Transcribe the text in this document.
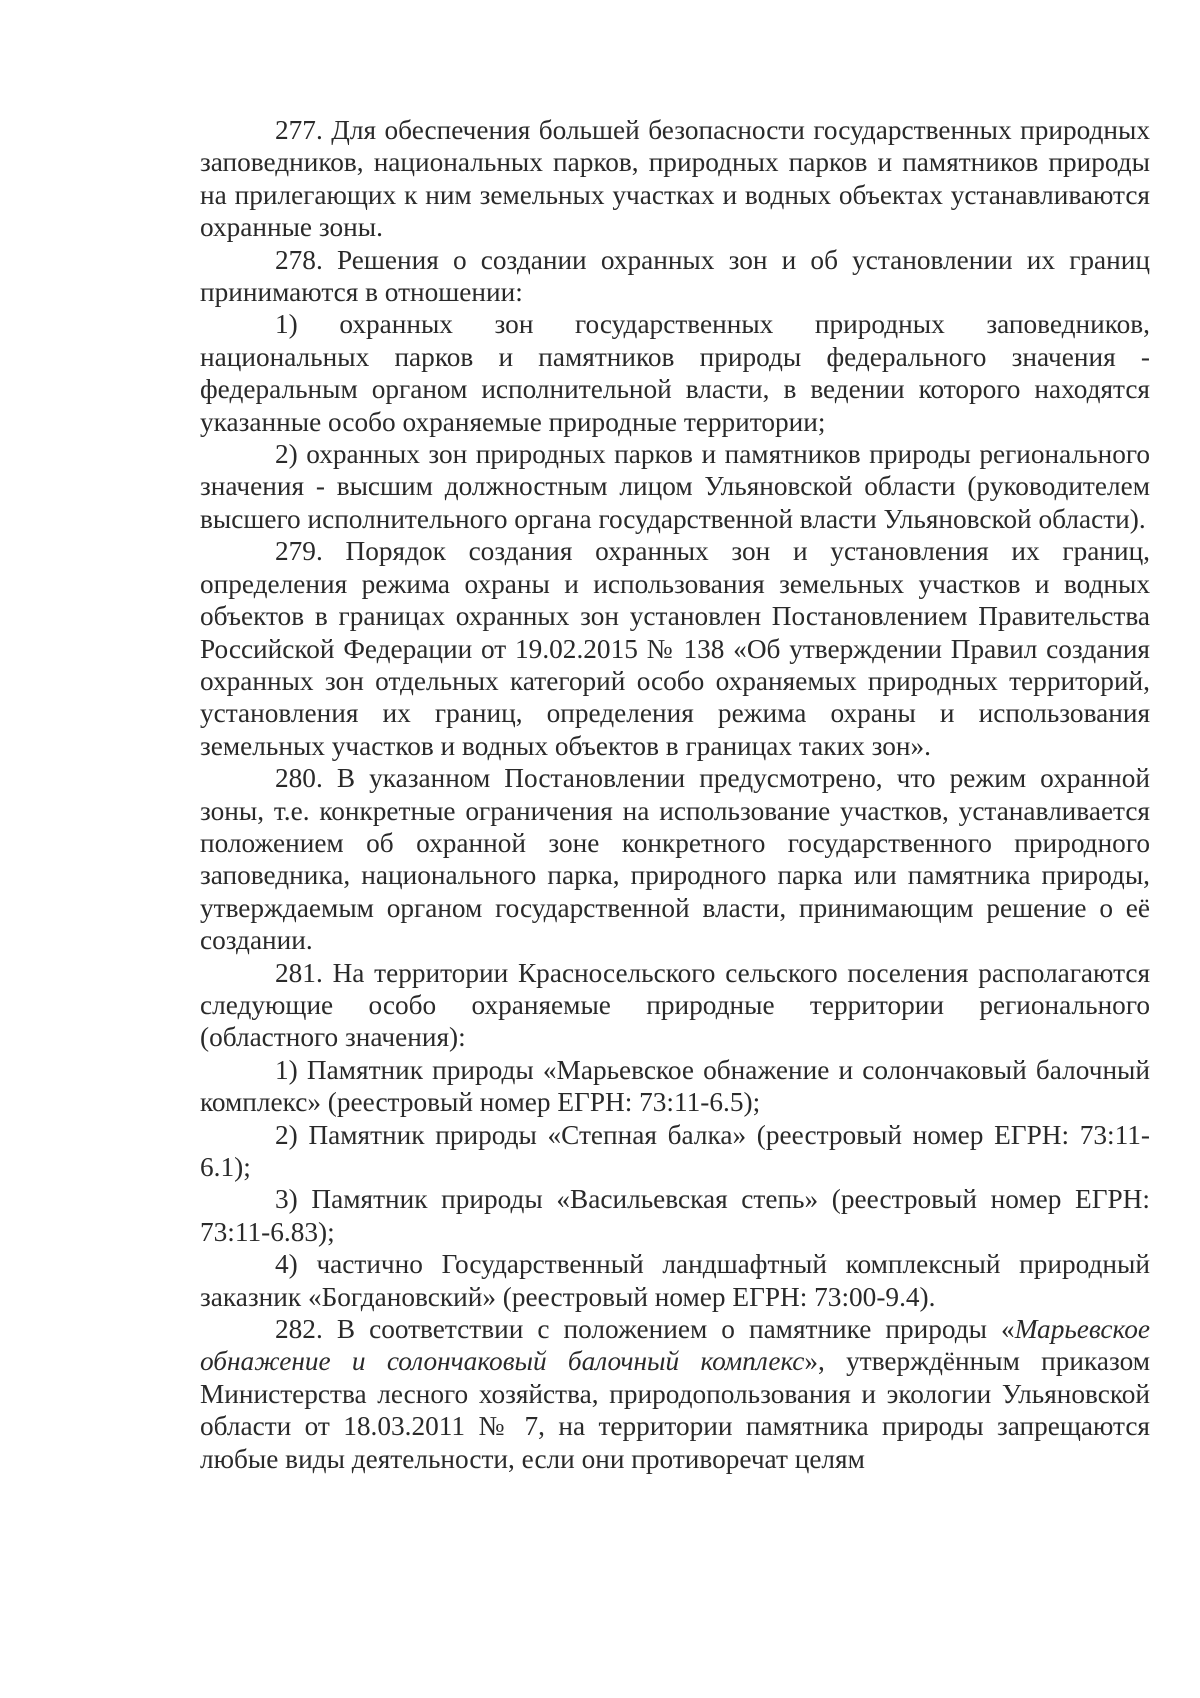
277. Для обеспечения большей безопасности государственных природных заповедников, национальных парков, природных парков и памятников природы на прилегающих к ним земельных участках и водных объектах устанавливаются охранные зоны.

278. Решения о создании охранных зон и об установлении их границ принимаются в отношении:

1) охранных зон государственных природных заповедников, национальных парков и памятников природы федерального значения - федеральным органом исполнительной власти, в ведении которого находятся указанные особо охраняемые природные территории;

2) охранных зон природных парков и памятников природы регионального значения - высшим должностным лицом Ульяновской области (руководителем высшего исполнительного органа государственной власти Ульяновской области).

279. Порядок создания охранных зон и установления их границ, определения режима охраны и использования земельных участков и водных объектов в границах охранных зон установлен Постановлением Правительства Российской Федерации от 19.02.2015 № 138 «Об утверждении Правил создания охранных зон отдельных категорий особо охраняемых природных территорий, установления их границ, определения режима охраны и использования земельных участков и водных объектов в границах таких зон».

280. В указанном Постановлении предусмотрено, что режим охранной зоны, т.е. конкретные ограничения на использование участков, устанавливается положением об охранной зоне конкретного государственного природного заповедника, национального парка, природного парка или памятника природы, утверждаемым органом государственной власти, принимающим решение о её создании.

281. На территории Красносельского сельского поселения располагаются следующие особо охраняемые природные территории регионального (областного значения):

1) Памятник природы «Марьевское обнажение и солончаковый балочный комплекс» (реестровый номер ЕГРН: 73:11-6.5);

2) Памятник природы «Степная балка» (реестровый номер ЕГРН: 73:11-6.1);

3) Памятник природы «Васильевская степь» (реестровый номер ЕГРН: 73:11-6.83);

4) частично Государственный ландшафтный комплексный природный заказник «Богдановский» (реестровый номер ЕГРН: 73:00-9.4).

282. В соответствии с положением о памятнике природы «Марьевское обнажение и солончаковый балочный комплекс», утверждённым приказом Министерства лесного хозяйства, природопользования и экологии Ульяновской области от 18.03.2011 № 7, на территории памятника природы запрещаются любые виды деятельности, если они противоречат целям
